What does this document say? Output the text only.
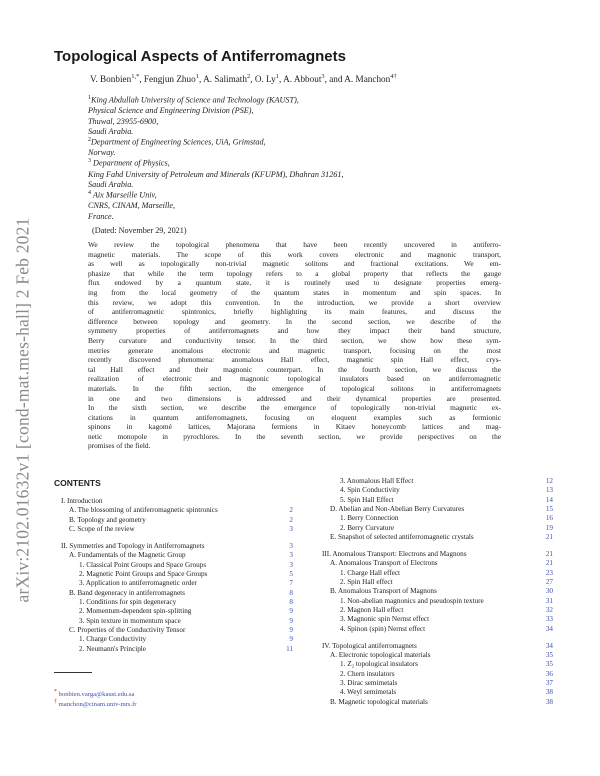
arXiv:2102.01632v1 [cond-mat.mes-hall] 2 Feb 2021
Topological Aspects of Antiferromagnets
V. Bonbien$^{1,*}$, Fengjun Zhuo$^1$, A. Salimath$^2$, O. Ly$^1$, A. Abbout$^3$, and A. Manchon$^{4\dagger}$
$^1$King Abdullah University of Science and Technology (KAUST),
Physical Science and Engineering Division (PSE),
Thuwal, 23955-6900,
Saudi Arabia.
$^2$Department of Engineering Sciences, UiA, Grimstad,
Norway.
$^3$ Department of Physics,
King Fahd University of Petroleum and Minerals (KFUPM), Dhahran 31261,
Saudi Arabia.
$^4$ Aix Marseille Univ,
CNRS, CINAM, Marseille,
France.
(Dated: November 29, 2021)
We review the topological phenomena that have been recently uncovered in antiferro-
magnetic materials. The scope of this work covers electronic and magnonic transport,
as well as topologically non-trivial magnetic solitons and fractional excitations. We em-
phasize that while the term topology refers to a global property that reflects the gauge
flux endowed by a quantum state, it is routinely used to designate properties emerg-
ing from the local geometry of the quantum states in momentum and spin spaces. In
this review, we adopt this convention. In the introduction, we provide a short overview
of antiferromagnetic spintronics, briefly highlighting its main features, and discuss the
difference between topology and geometry. In the second section, we describe of the
symmetry properties of antiferromagnets and how they impact their band structure,
Berry curvature and conductivity tensor. In the third section, we show how these sym-
metries generate anomalous electronic and magnetic transport, focusing on the most
recently discovered phenomena: anomalous Hall effect, magnetic spin Hall effect, crys-
tal Hall effect and their magnonic counterpart. In the fourth section, we discuss the
realization of electronic and magnonic topological insulators based on antiferromagnetic
materials. In the fifth section, the emergence of topological solitons in antiferromagnets
in one and two dimensions is addressed and their dynamical properties are presented.
In the sixth section, we describe the emergence of topologically non-trivial magnetic ex-
citations in quantum antiferromagnets, focusing on eloquent examples such as fermionic
spinons in kagomé lattices, Majorana fermions in Kitaev honeycomb lattices and mag-
netic monopole in pyrochlores. In the seventh section, we provide perspectives on the
promises of the field.
CONTENTS
I. Introduction
A. The blossoming of antiferromagnetic spintronics	2
B. Topology and geometry	2
C. Scope of the review	3
II. Symmetries and Topology in Antiferromagnets	3
A. Fundamentals of the Magnetic Group	3
1. Classical Point Groups and Space Groups	3
2. Magnetic Point Groups and Space Groups	5
3. Application to antiferromagnetic order	7
B. Band degeneracy in antiferromagnets	8
1. Conditions for spin degeneracy	8
2. Momentum-dependent spin-splitting	9
3. Spin texture in momentum space	9
C. Properties of the Conductivity Tensor	9
1. Charge Conductivity	9
2. Neumann's Principle	11
3. Anomalous Hall Effect	12
4. Spin Conductivity	13
5. Spin Hall Effect	14
D. Abelian and Non-Abelian Berry Curvatures	15
1. Berry Connection	16
2. Berry Curvature	19
E. Snapshot of selected antiferromagnetic crystals	21
III. Anomalous Transport: Electrons and Magnons	21
A. Anomalous Transport of Electrons	21
1. Charge Hall effect	23
2. Spin Hall effect	27
B. Anomalous Transport of Magnons	30
1. Non-abelian magnonics and pseudospin texture	31
2. Magnon Hall effect	32
3. Magnonic spin Nernst effect	33
4. Spinon (spin) Nernst effect	34
IV. Topological antiferromagnets	34
A. Electronic topological materials	35
1. Z₂ topological insulators	35
2. Chern insulators	36
3. Dirac semimetals	37
4. Weyl semimetals	38
B. Magnetic topological materials	38
* bonbien.varga@kaust.edu.sa
† manchon@cinam.univ-mrs.fr
